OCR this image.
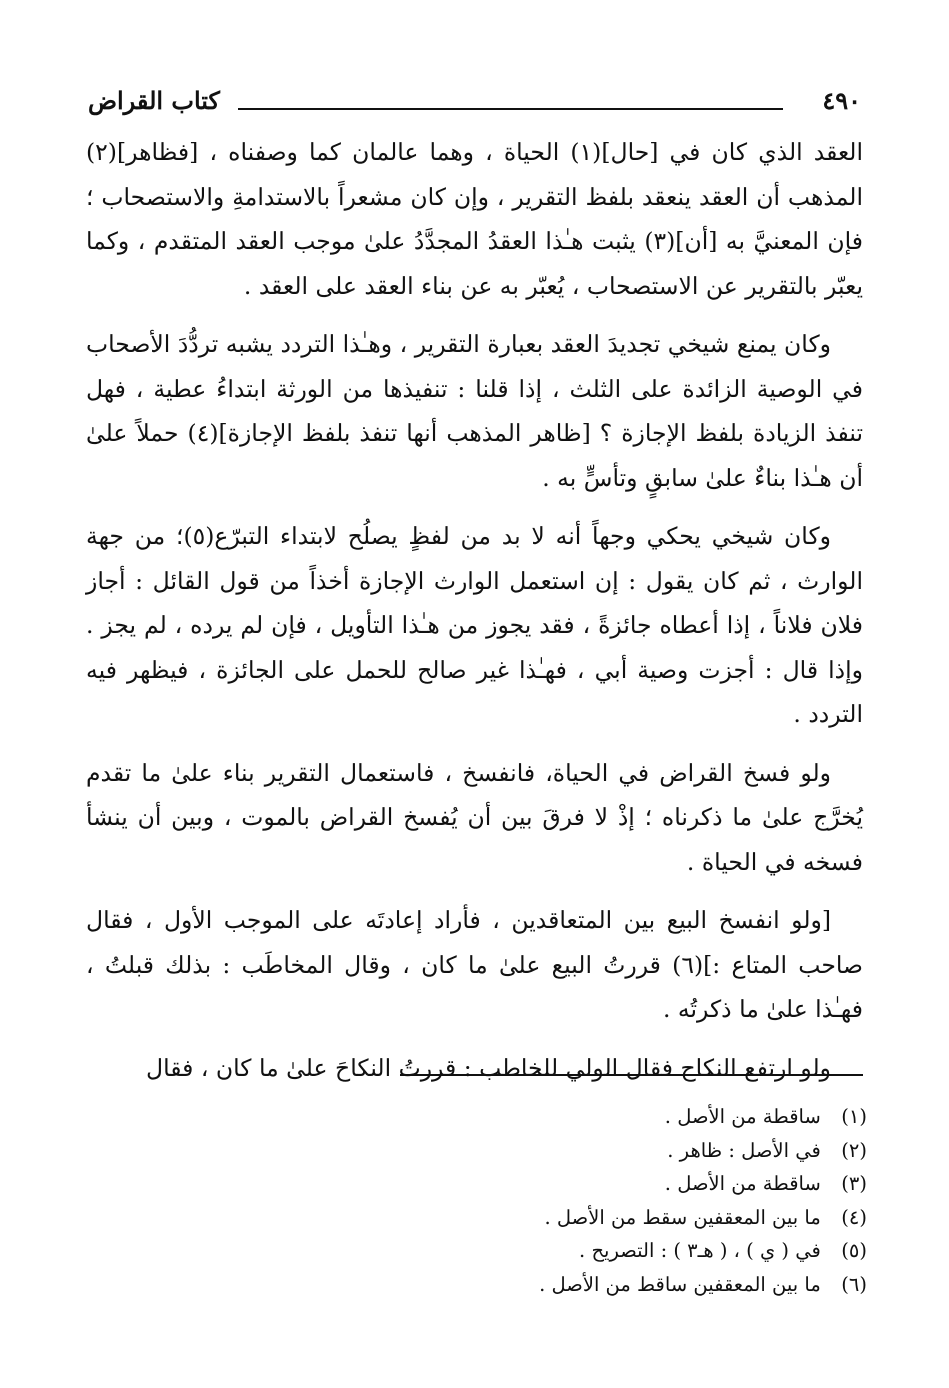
٤٩٠
كتاب القراض

العقد الذي كان في [حال](١) الحياة ، وهما عالمان كما وصفناه ، [فظاهر](٢) المذهب أن العقد ينعقد بلفظ التقرير ، وإن كان مشعراً بالاستدامةِ والاستصحاب ؛ فإن المعنيَّ به [أن](٣) يثبت هـٰذا العقدُ المجدَّدُ علىٰ موجب العقد المتقدم ، وكما يعبّر بالتقرير عن الاستصحاب ، يُعبّر به عن بناء العقد على العقد .

وكان يمنع شيخي تجديدَ العقد بعبارة التقرير ، وهـٰذا التردد يشبه تردُّدَ الأصحاب في الوصية الزائدة على الثلث ، إذا قلنا : تنفيذها من الورثة ابتداءُ عطية ، فهل تنفذ الزيادة بلفظ الإجازة ؟ [ظاهر المذهب أنها تنفذ بلفظ الإجازة](٤) حملاً علىٰ أن هـٰذا بناءٌ علىٰ سابقٍ وتأسٍّ به .

وكان شيخي يحكي وجهاً أنه لا بد من لفظٍ يصلُح لابتداء التبرّع(٥)؛ من جهة الوارث ، ثم كان يقول : إن استعمل الوارث الإجازة أخذاً من قول القائل : أجاز فلان فلاناً ، إذا أعطاه جائزةً ، فقد يجوز من هـٰذا التأويل ، فإن لم يرده ، لم يجز . وإذا قال : أجزت وصية أبي ، فهـٰذا غير صالح للحمل على الجائزة ، فيظهر فيه التردد .

ولو فسخ القراض في الحياة، فانفسخ ، فاستعمال التقرير بناء علىٰ ما تقدم يُخرَّج علىٰ ما ذكرناه ؛ إذْ لا فرقَ بين أن يُفسخ القراض بالموت ، وبين أن ينشأ فسخه في الحياة .

[ولو انفسخ البيع بين المتعاقدين ، فأراد إعادتَه على الموجب الأول ، فقال صاحب المتاع :](٦) قررتُ البيع علىٰ ما كان ، وقال المخاطَب : بذلك قبلتُ ، فهـٰذا علىٰ ما ذكرتُه .

ولو ارتفع النكاح فقال الولي للخاطب : قررتُ النكاحَ علىٰ ما كان ، فقال

(١) ساقطة من الأصل .
(٢) في الأصل : ظاهر .
(٣) ساقطة من الأصل .
(٤) ما بين المعقفين سقط من الأصل .
(٥) في ( ي ) ، ( هـ٣ ) : التصريح .
(٦) ما بين المعقفين ساقط من الأصل .
